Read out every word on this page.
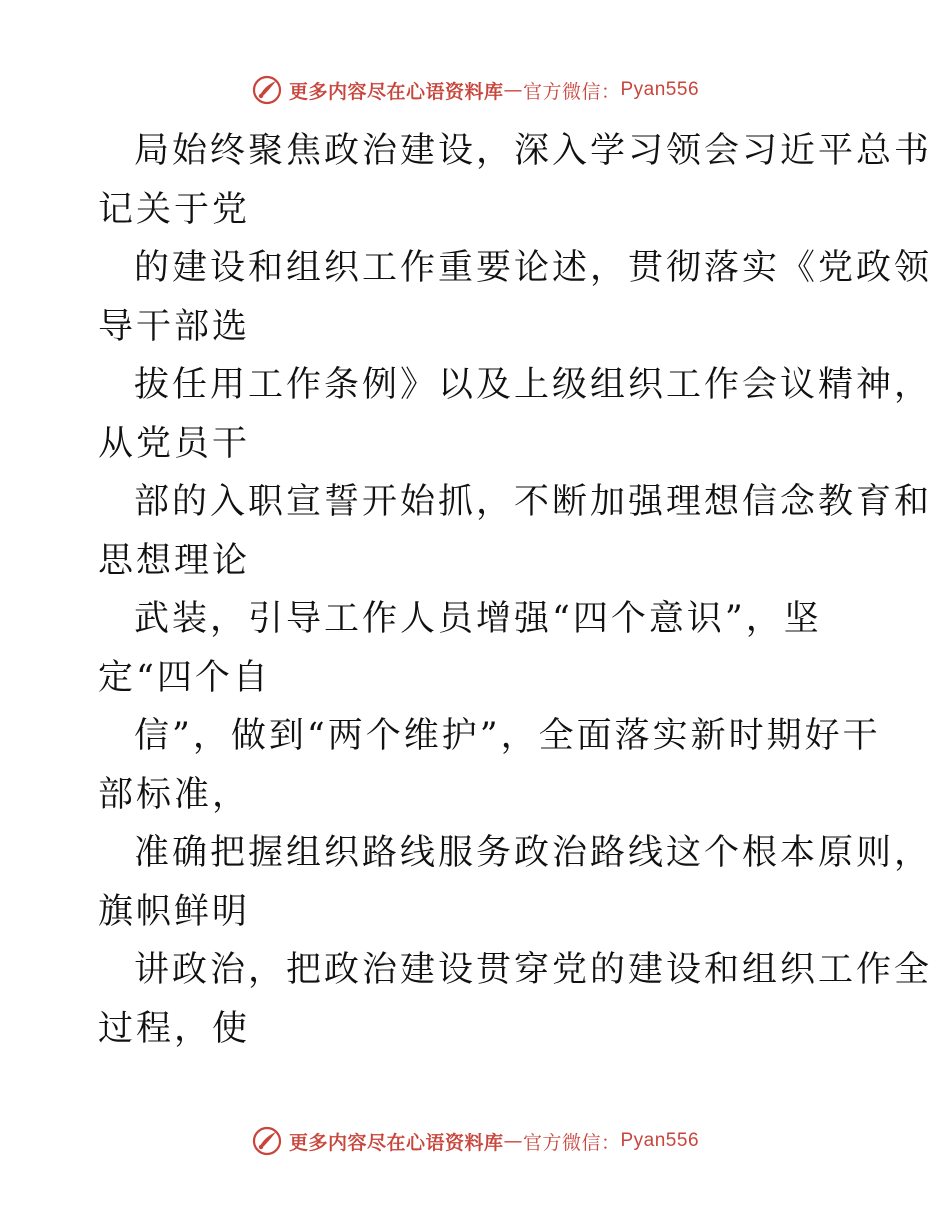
更多内容尽在心语资料库 — 官方微信： Pyan556
局始终聚焦政治建设，深入学习领会习近平总书
记关于党
的建设和组织工作重要论述，贯彻落实《党政领
导干部选
拔任用工作条例》以及上级组织工作会议精神，
从党员干
部的入职宣誓开始抓，不断加强理想信念教育和
思想理论
武装，引导工作人员增强“四个意识”，坚
定“四个自
信”，做到“两个维护”，全面落实新时期好干
部标准，
准确把握组织路线服务政治路线这个根本原则，
旗帜鲜明
讲政治，把政治建设贯穿党的建设和组织工作全
过程，使
更多内容尽在心语资料库 — 官方微信： Pyan556
